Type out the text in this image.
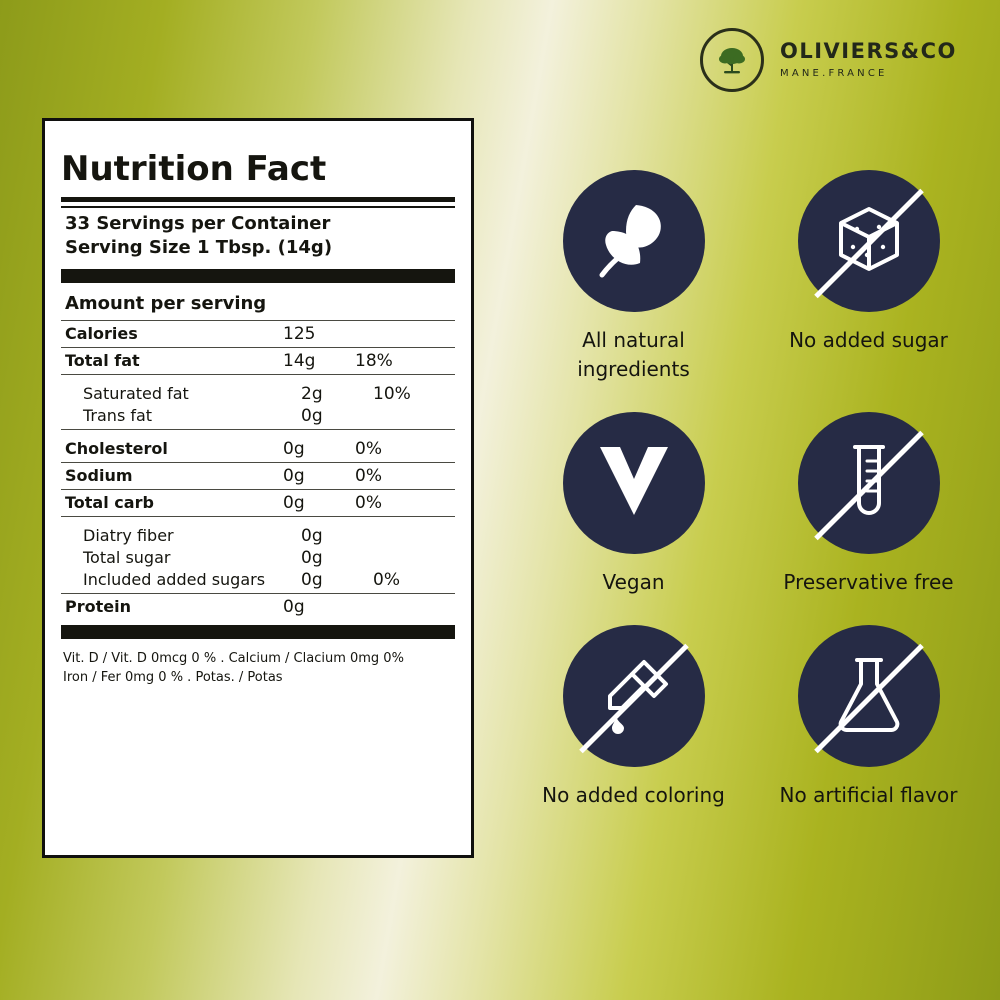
OLIVIERS&CO
MANE.FRANCE
Nutrition Fact
33 Servings per Container
Serving Size 1 Tbsp. (14g)
Amount per serving
Calories	125
Total fat	14g	18%
Saturated fat	2g	10%
Trans fat	0g
Cholesterol	0g	0%
Sodium	0g	0%
Total carb	0g	0%
Diatry fiber	0g
Total sugar	0g
Included added sugars	0g	0%
Protein	0g
Vit. D / Vit. D 0mcg 0 % . Calcium / Clacium 0mg 0%
Iron / Fer 0mg 0 % . Potas. / Potas
All natural ingredients
No added sugar
Vegan	Preservative free
No added coloring	No artificial flavor
